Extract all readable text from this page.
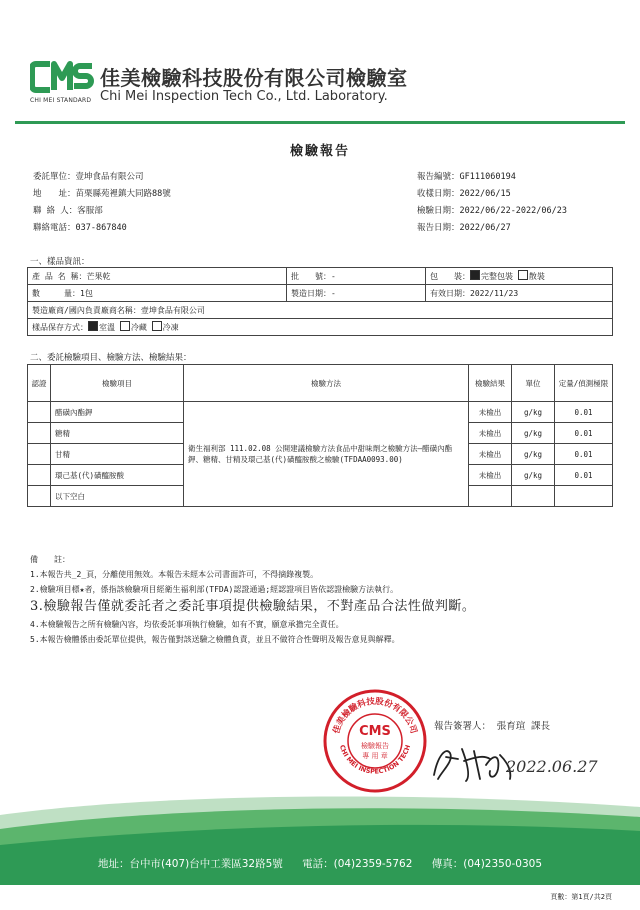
CHI MEI STANDARD
佳美檢驗科技股份有限公司檢驗室
Chi Mei Inspection Tech Co., Ltd. Laboratory.
檢驗報告
委託單位：壹坤食品有限公司
地　　址：苗栗縣苑裡鎮大同路88號
聯 絡 人：客服部
聯絡電話：037-867840
報告編號：GF111060194
收樣日期：2022/06/15
檢驗日期：2022/06/22-2022/06/23
報告日期：2022/06/27
一、樣品資訊：
產 品 名 稱：芒果乾	批　　號：-	包　　裝： 完整包裝 散裝
數　　　量：1包	製造日期：-	有效日期：2022/11/23
製造廠商/國內負責廠商名稱：壹坤食品有限公司		
樣品保存方式： 室溫 冷藏 冷凍		
二、委託檢驗項目、檢驗方法、檢驗結果：
認證	檢驗項目	檢驗方法	檢驗結果	單位	定量/偵測極限
	醋磺內酯鉀	衛生福利部 111.02.08 公開建議檢驗方法食品中甜味劑之檢驗方法—醋磺內酯鉀、糖精、甘精及環己基(代)磺醯胺酸之檢驗(TFDAA0093.00)	未檢出	g/kg	0.01
	糖精		未檢出	g/kg	0.01
	甘精		未檢出	g/kg	0.01
	環己基(代)磺醯胺酸		未檢出	g/kg	0.01
	以下空白				
備　　註：
1.本報告共_2_頁，分離使用無效。本報告未經本公司書面許可，不得摘錄複製。
2.檢驗項目標★者，係指該檢驗項目經衛生福利部(TFDA)認證通過;經認證項目皆依認證檢驗方法執行。
3.檢驗報告僅就委託者之委託事項提供檢驗結果，不對產品合法性做判斷。
4.本檢驗報告之所有檢驗內容，均依委託事項執行檢驗，如有不實，願意承擔完全責任。
5.本報告檢體係由委託單位提供，報告僅對該送驗之檢體負責，並且不做符合性聲明及報告意見與解釋。
佳美檢驗科技股份有限公司
CHI MEI INSPECTION TECH
CMS
檢驗報告
專 用 章
報告簽署人： 張育瑄 課長
2022.06.27
地址：台中市(407)台中工業區32路5號 電話：(04)2359-5762 傳真：(04)2350-0305
頁數：第1頁/共2頁
